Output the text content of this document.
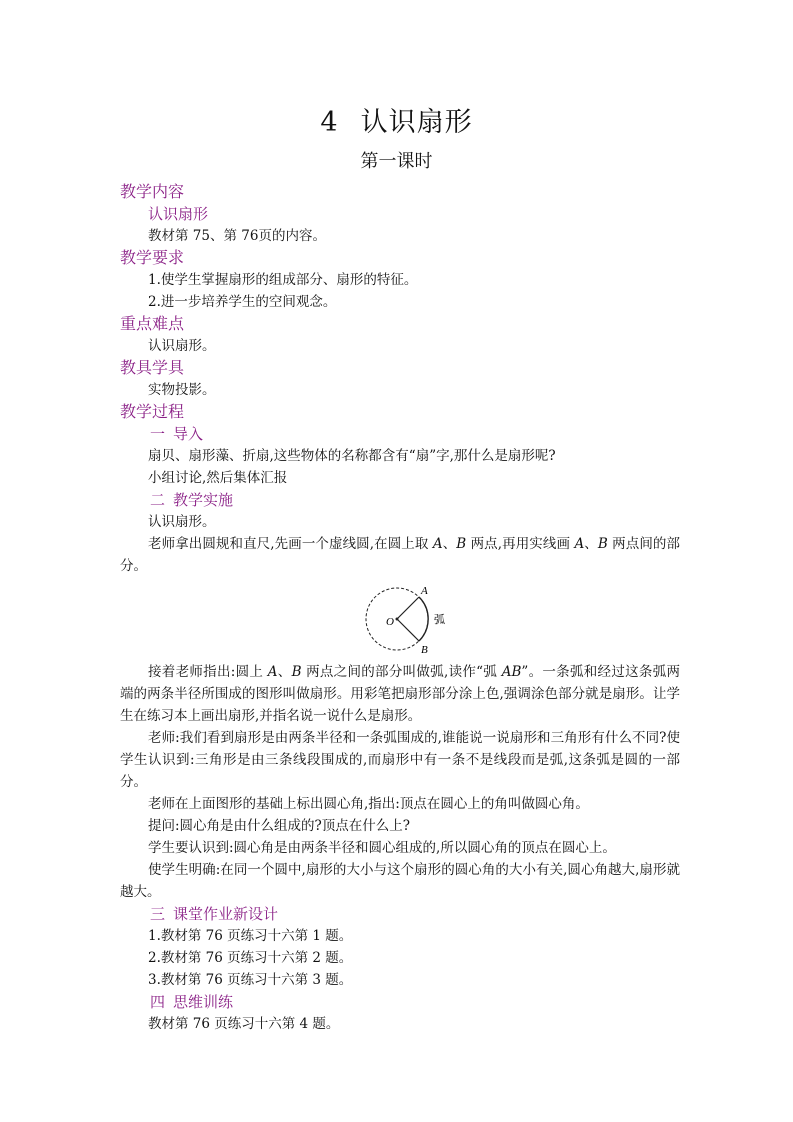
4 认识扇形
第一课时
教学内容
认识扇形
教材第 75、第 76页的内容。
教学要求
1.使学生掌握扇形的组成部分、扇形的特征。
2.进一步培养学生的空间观念。
重点难点
认识扇形。
教具学具
实物投影。
教学过程
一 导入
扇贝、扇形藻、折扇,这些物体的名称都含有“扇”字,那什么是扇形呢?
小组讨论,然后集体汇报
二 教学实施
认识扇形。
老师拿出圆规和直尺,先画一个虚线圆,在圆上取 A、B 两点,再用实线画 A、B 两点间的部分。
A
B
O	弧
接着老师指出:圆上 A、B 两点之间的部分叫做弧,读作“弧 AB”。一条弧和经过这条弧两端的两条半径所围成的图形叫做扇形。用彩笔把扇形部分涂上色,强调涂色部分就是扇形。让学生在练习本上画出扇形,并指名说一说什么是扇形。
老师:我们看到扇形是由两条半径和一条弧围成的,谁能说一说扇形和三角形有什么不同?使学生认识到:三角形是由三条线段围成的,而扇形中有一条不是线段而是弧,这条弧是圆的一部分。
老师在上面图形的基础上标出圆心角,指出:顶点在圆心上的角叫做圆心角。
提问:圆心角是由什么组成的?顶点在什么上?
学生要认识到:圆心角是由两条半径和圆心组成的,所以圆心角的顶点在圆心上。
使学生明确:在同一个圆中,扇形的大小与这个扇形的圆心角的大小有关,圆心角越大,扇形就越大。
三 课堂作业新设计
1.教材第 76 页练习十六第 1 题。
2.教材第 76 页练习十六第 2 题。
3.教材第 76 页练习十六第 3 题。
四 思维训练
教材第 76 页练习十六第 4 题。
